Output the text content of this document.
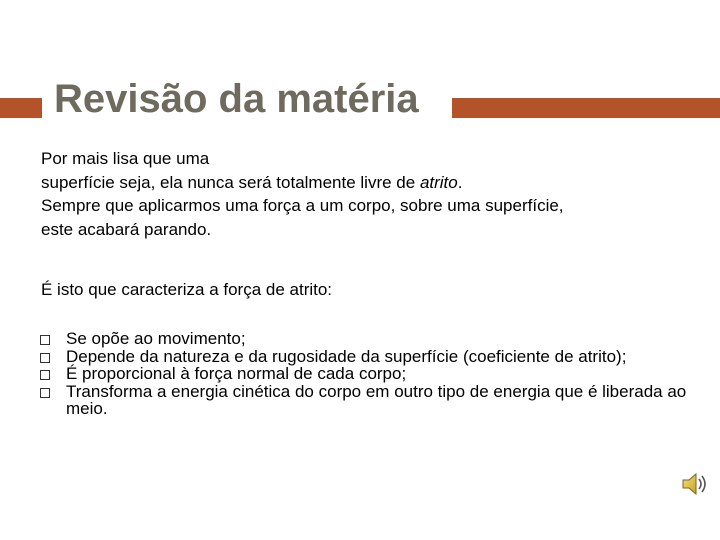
Revisão da matéria
Por mais lisa que uma
superfície seja, ela nunca será totalmente livre de atrito.
Sempre que aplicarmos uma força a um corpo, sobre uma superfície,
este acabará parando.
É isto que caracteriza a força de atrito:
Se opõe ao movimento;
Depende da natureza e da rugosidade da superfície (coeficiente de atrito);
É proporcional à força normal de cada corpo;
Transforma a energia cinética do corpo em outro tipo de energia que é liberada ao meio.
